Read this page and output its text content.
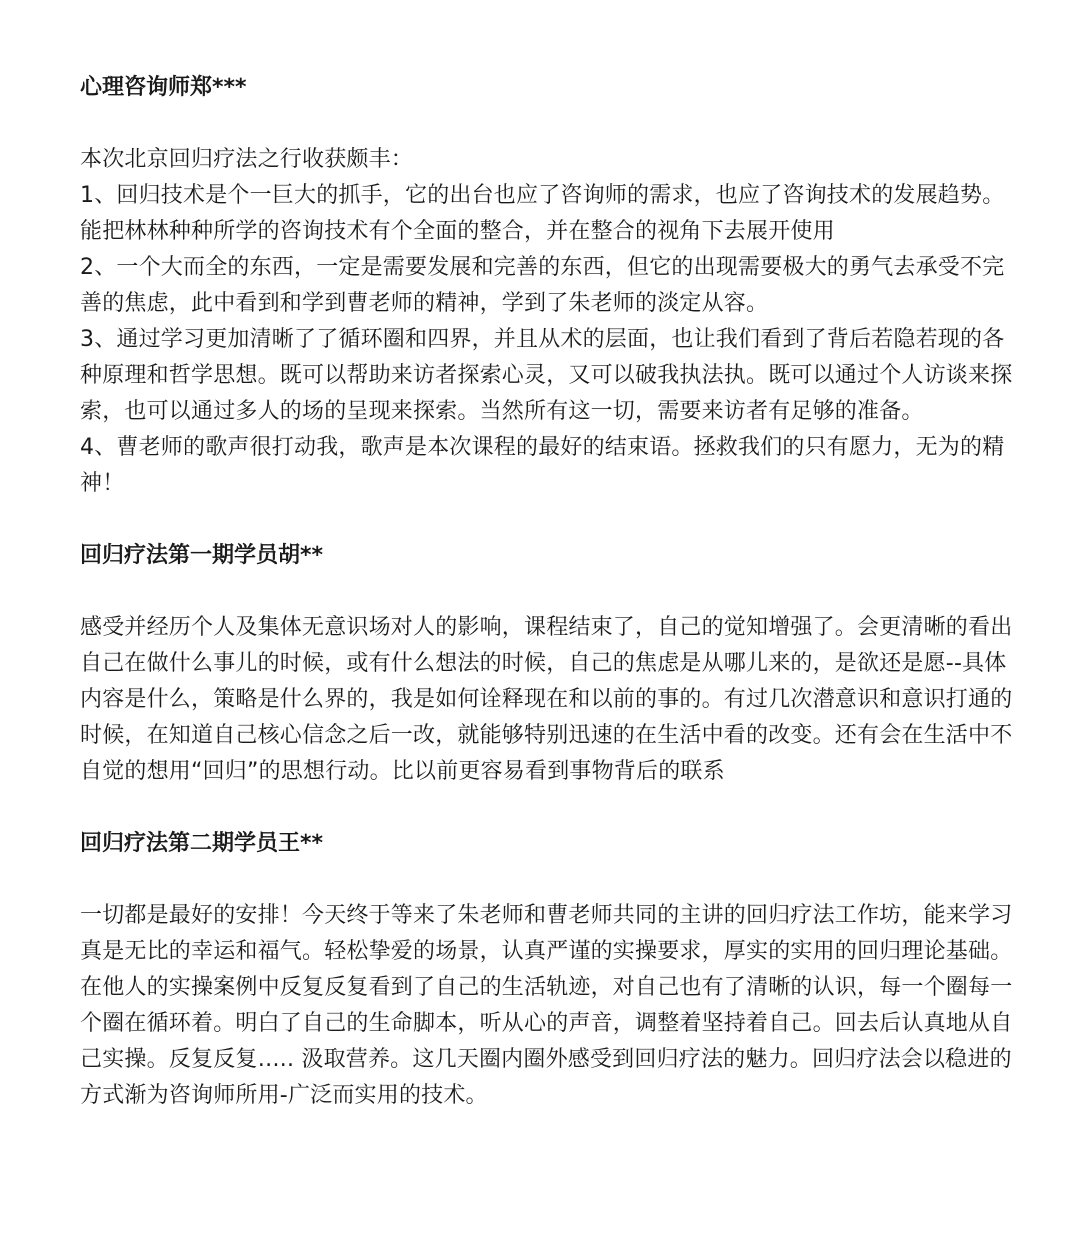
心理咨询师郑***

本次北京回归疗法之行收获颇丰：

1、回归技术是个一巨大的抓手，它的出台也应了咨询师的需求，也应了咨询技术的发展趋势。能把林林种种所学的咨询技术有个全面的整合，并在整合的视角下去展开使用

2、一个大而全的东西，一定是需要发展和完善的东西，但它的出现需要极大的勇气去承受不完善的焦虑，此中看到和学到曹老师的精神，学到了朱老师的淡定从容。

3、通过学习更加清晰了了循环圈和四界，并且从术的层面，也让我们看到了背后若隐若现的各种原理和哲学思想。既可以帮助来访者探索心灵，又可以破我执法执。既可以通过个人访谈来探索，也可以通过多人的场的呈现来探索。当然所有这一切，需要来访者有足够的准备。

4、曹老师的歌声很打动我，歌声是本次课程的最好的结束语。拯救我们的只有愿力，无为的精神！

回归疗法第一期学员胡**

感受并经历个人及集体无意识场对人的影响，课程结束了，自己的觉知增强了。会更清晰的看出自己在做什么事儿的时候，或有什么想法的时候，自己的焦虑是从哪儿来的，是欲还是愿--具体内容是什么，策略是什么界的，我是如何诠释现在和以前的事的。有过几次潜意识和意识打通的时候，在知道自己核心信念之后一改，就能够特别迅速的在生活中看的改变。还有会在生活中不自觉的想用“回归”的思想行动。比以前更容易看到事物背后的联系

回归疗法第二期学员王**

一切都是最好的安排！今天终于等来了朱老师和曹老师共同的主讲的回归疗法工作坊，能来学习真是无比的幸运和福气。轻松挚爱的场景，认真严谨的实操要求，厚实的实用的回归理论基础。在他人的实操案例中反复反复看到了自己的生活轨迹，对自己也有了清晰的认识，每一个圈每一个圈在循环着。明白了自己的生命脚本，听从心的声音，调整着坚持着自己。回去后认真地从自己实操。反复反复….. 汲取营养。这几天圈内圈外感受到回归疗法的魅力。回归疗法会以稳进的方式渐为咨询师所用-广泛而实用的技术。
